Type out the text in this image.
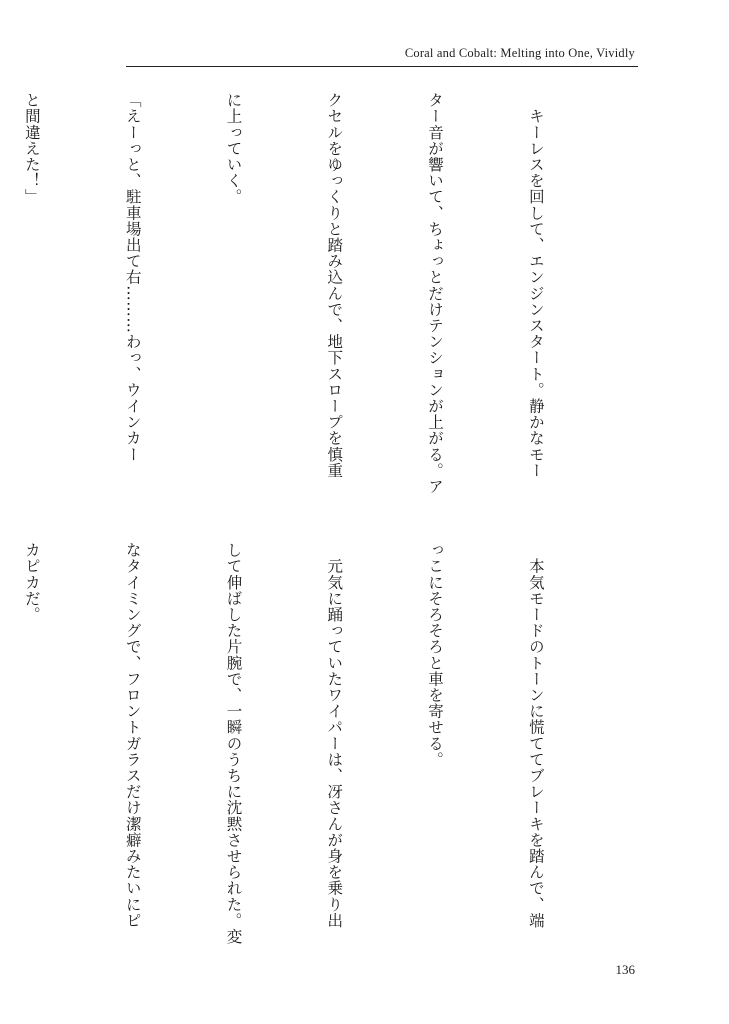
Coral and Cobalt: Melting into One, Vividly

　キーレスを回して、エンジンスタート。静かなモー

ター音が響いて、ちょっとだけテンションが上がる。ア

クセルをゆっくりと踏み込んで、地下スロープを慎重

に上っていく。

「えーっと、駐車場出て右………わっ、ウインカー

と間違えた！」

　本気モードのトーンに慌ててブレーキを踏んで、端

っこにそろそろと車を寄せる。

　元気に踊っていたワイパーは、冴さんが身を乗り出

して伸ばした片腕で、一瞬のうちに沈黙させられた。変

なタイミングで、フロントガラスだけ潔癖みたいにピ

カピカだ。

136
